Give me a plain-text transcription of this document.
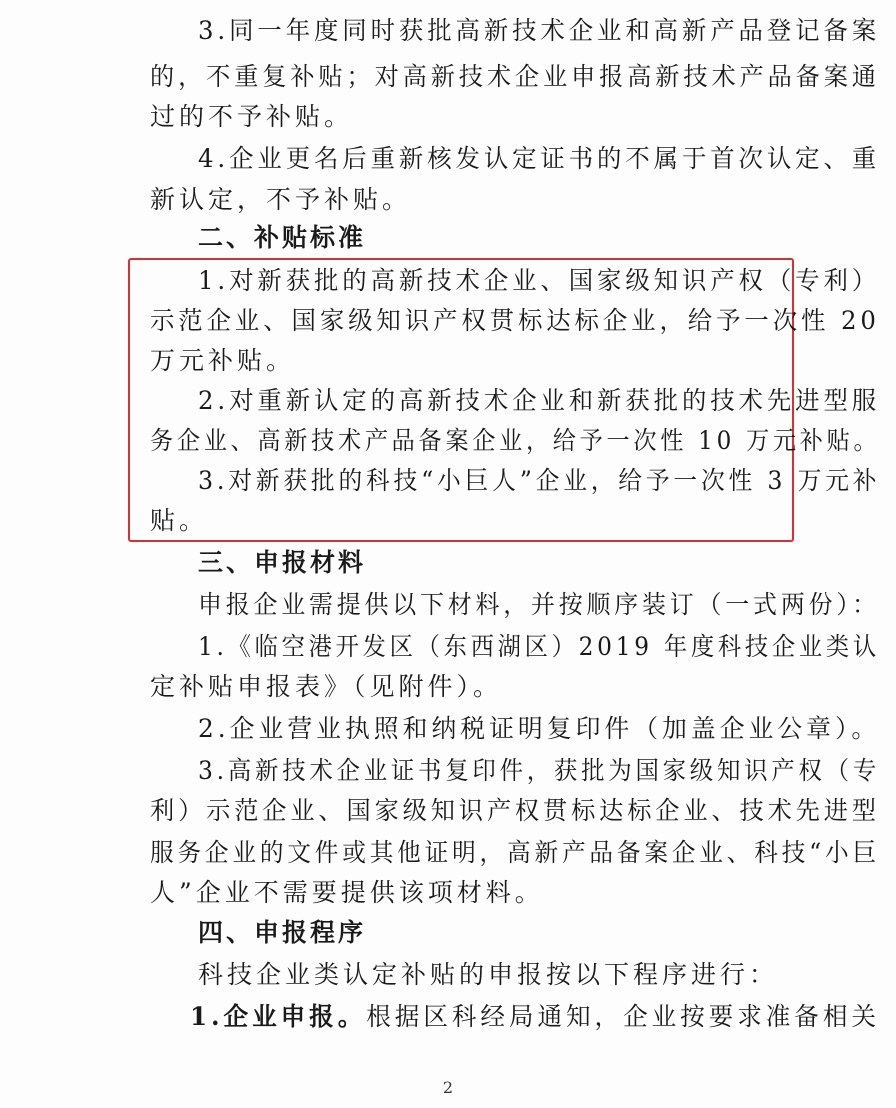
3.同一年度同时获批高新技术企业和高新产品登记备案
的，不重复补贴；对高新技术企业申报高新技术产品备案通
过的不予补贴。
4.企业更名后重新核发认定证书的不属于首次认定、重
新认定，不予补贴。
二、补贴标准
1.对新获批的高新技术企业、国家级知识产权（专利）
示范企业、国家级知识产权贯标达标企业，给予一次性 20
万元补贴。
2.对重新认定的高新技术企业和新获批的技术先进型服
务企业、高新技术产品备案企业，给予一次性 10 万元补贴。
3.对新获批的科技“小巨人”企业，给予一次性 3 万元补
贴。
三、申报材料
申报企业需提供以下材料，并按顺序装订（一式两份）：
1.《临空港开发区（东西湖区）2019 年度科技企业类认
定补贴申报表》（见附件）。
2.企业营业执照和纳税证明复印件（加盖企业公章）。
3.高新技术企业证书复印件，获批为国家级知识产权（专
利）示范企业、国家级知识产权贯标达标企业、技术先进型
服务企业的文件或其他证明，高新产品备案企业、科技“小巨
人”企业不需要提供该项材料。
四、申报程序
科技企业类认定补贴的申报按以下程序进行：
1.企业申报。根据区科经局通知，企业按要求准备相关
2
